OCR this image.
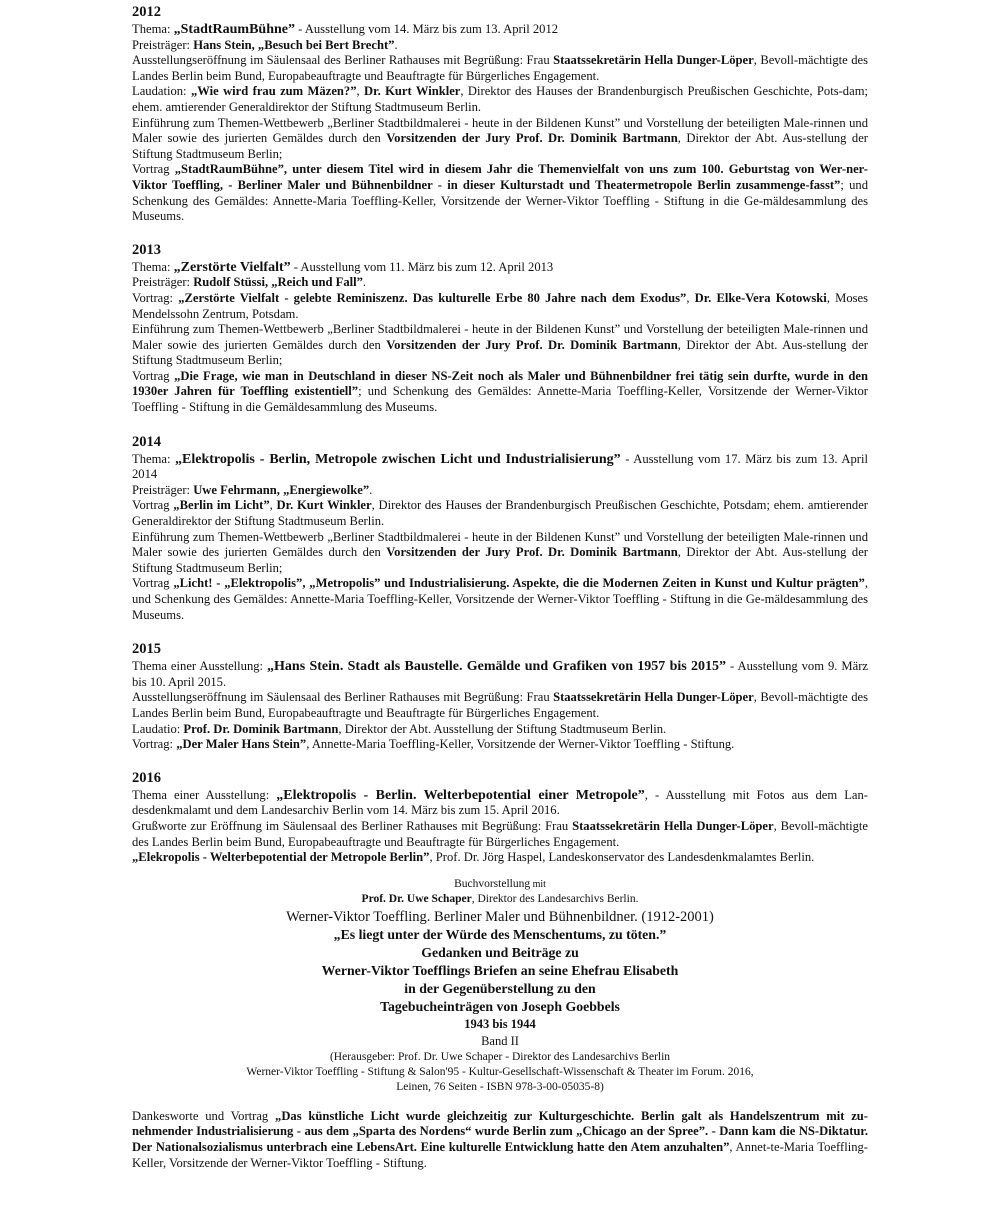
2012

Thema: „StadtRaumBühne” - Ausstellung vom 14. März bis zum 13. April 2012

Preisträger: Hans Stein, „Besuch bei Bert Brecht”.

Ausstellungseröffnung im Säulensaal des Berliner Rathauses mit Begrüßung: Frau Staatssekretärin Hella Dunger-Löper, Bevoll-mächtigte des Landes Berlin beim Bund, Europabeauftragte und Beauftragte für Bürgerliches Engagement.

Laudation: „Wie wird frau zum Mäzen?”, Dr. Kurt Winkler, Direktor des Hauses der Brandenburgisch Preußischen Geschichte, Pots-dam; ehem. amtierender Generaldirektor der Stiftung Stadtmuseum Berlin.

Einführung zum Themen-Wettbewerb „Berliner Stadtbildmalerei - heute in der Bildenen Kunst” und Vorstellung der beteiligten Male-rinnen und Maler sowie des jurierten Gemäldes durch den Vorsitzenden der Jury Prof. Dr. Dominik Bartmann, Direktor der Abt. Aus-stellung der Stiftung Stadtmuseum Berlin;

Vortrag „StadtRaumBühne”, unter diesem Titel wird in diesem Jahr die Themenvielfalt von uns zum 100. Geburtstag von Wer-ner-Viktor Toeffling, - Berliner Maler und Bühnenbildner - in dieser Kulturstadt und Theatermetropole Berlin zusammenge-fasst”; und Schenkung des Gemäldes: Annette-Maria Toeffling-Keller, Vorsitzende der Werner-Viktor Toeffling - Stiftung in die Ge-mäldesammlung des Museums.

2013

Thema: „Zerstörte Vielfalt” - Ausstellung vom 11. März bis zum 12. April 2013

Preisträger: Rudolf Stüssi, „Reich und Fall”.

Vortrag: „Zerstörte Vielfalt - gelebte Reminiszenz. Das kulturelle Erbe 80 Jahre nach dem Exodus”, Dr. Elke-Vera Kotowski, Moses Mendelssohn Zentrum, Potsdam.

Einführung zum Themen-Wettbewerb „Berliner Stadtbildmalerei - heute in der Bildenen Kunst” und Vorstellung der beteiligten Male-rinnen und Maler sowie des jurierten Gemäldes durch den Vorsitzenden der Jury Prof. Dr. Dominik Bartmann, Direktor der Abt. Aus-stellung der Stiftung Stadtmuseum Berlin;

Vortrag „Die Frage, wie man in Deutschland in dieser NS-Zeit noch als Maler und Bühnenbildner frei tätig sein durfte, wurde in den 1930er Jahren für Toeffling existentiell”; und Schenkung des Gemäldes: Annette-Maria Toeffling-Keller, Vorsitzende der Werner-Viktor Toeffling - Stiftung in die Gemäldesammlung des Museums.

2014

Thema: „Elektropolis - Berlin, Metropole zwischen Licht und Industrialisierung” - Ausstellung vom 17. März bis zum 13. April 2014

Preisträger: Uwe Fehrmann, „Energiewolke”.

Vortrag „Berlin im Licht”, Dr. Kurt Winkler, Direktor des Hauses der Brandenburgisch Preußischen Geschichte, Potsdam; ehem. amtierender Generaldirektor der Stiftung Stadtmuseum Berlin.

Einführung zum Themen-Wettbewerb „Berliner Stadtbildmalerei - heute in der Bildenen Kunst” und Vorstellung der beteiligten Male-rinnen und Maler sowie des jurierten Gemäldes durch den Vorsitzenden der Jury Prof. Dr. Dominik Bartmann, Direktor der Abt. Aus-stellung der Stiftung Stadtmuseum Berlin;

Vortrag „Licht! - „Elektropolis”, „Metropolis” und Industrialisierung. Aspekte, die die Modernen Zeiten in Kunst und Kultur prägten”, und Schenkung des Gemäldes: Annette-Maria Toeffling-Keller, Vorsitzende der Werner-Viktor Toeffling - Stiftung in die Ge-mäldesammlung des Museums.

2015

Thema einer Ausstellung: „Hans Stein. Stadt als Baustelle. Gemälde und Grafiken von 1957 bis 2015” - Ausstellung vom 9. März bis 10. April 2015.

Ausstellungseröffnung im Säulensaal des Berliner Rathauses mit Begrüßung: Frau Staatssekretärin Hella Dunger-Löper, Bevoll-mächtigte des Landes Berlin beim Bund, Europabeauftragte und Beauftragte für Bürgerliches Engagement.

Laudatio: Prof. Dr. Dominik Bartmann, Direktor der Abt. Ausstellung der Stiftung Stadtmuseum Berlin.

Vortrag: „Der Maler Hans Stein”, Annette-Maria Toeffling-Keller, Vorsitzende der Werner-Viktor Toeffling - Stiftung.

2016

Thema einer Ausstellung: „Elektropolis - Berlin. Welterbepotential einer Metropole”, - Ausstellung mit Fotos aus dem Lan-desdenkmalamt und dem Landesarchiv Berlin vom 14. März bis zum 15. April 2016.

Grußworte zur Eröffnung im Säulensaal des Berliner Rathauses mit Begrüßung: Frau Staatssekretärin Hella Dunger-Löper, Bevoll-mächtigte des Landes Berlin beim Bund, Europabeauftragte und Beauftragte für Bürgerliches Engagement.

„Elekropolis - Welterbepotential der Metropole Berlin”, Prof. Dr. Jörg Haspel, Landeskonservator des Landesdenkmalamtes Berlin.

Buchvorstellung mit

Prof. Dr. Uwe Schaper, Direktor des Landesarchivs Berlin.

Werner-Viktor Toeffling. Berliner Maler und Bühnenbildner. (1912-2001)

„Es liegt unter der Würde des Menschentums, zu töten.”

Gedanken und Beiträge zu

Werner-Viktor Toefflings Briefen an seine Ehefrau Elisabeth

in der Gegenüberstellung zu den

Tagebucheinträgen von Joseph Goebbels

1943 bis 1944

Band II

(Herausgeber: Prof. Dr. Uwe Schaper - Direktor des Landesarchivs Berlin

Werner-Viktor Toeffling - Stiftung & Salon'95 - Kultur-Gesellschaft-Wissenschaft & Theater im Forum. 2016,

Leinen, 76 Seiten - ISBN 978-3-00-05035-8)

Dankesworte und Vortrag „Das künstliche Licht wurde gleichzeitig zur Kulturgeschichte. Berlin galt als Handelszentrum mit zu-nehmender Industrialisierung - aus dem „Sparta des Nordens“ wurde Berlin zum „Chicago an der Spree”. - Dann kam die NS-Diktatur. Der Nationalsozialismus unterbrach eine LebensArt. Eine kulturelle Entwicklung hatte den Atem anzuhalten”, Annet-te-Maria Toeffling-Keller, Vorsitzende der Werner-Viktor Toeffling - Stiftung.
